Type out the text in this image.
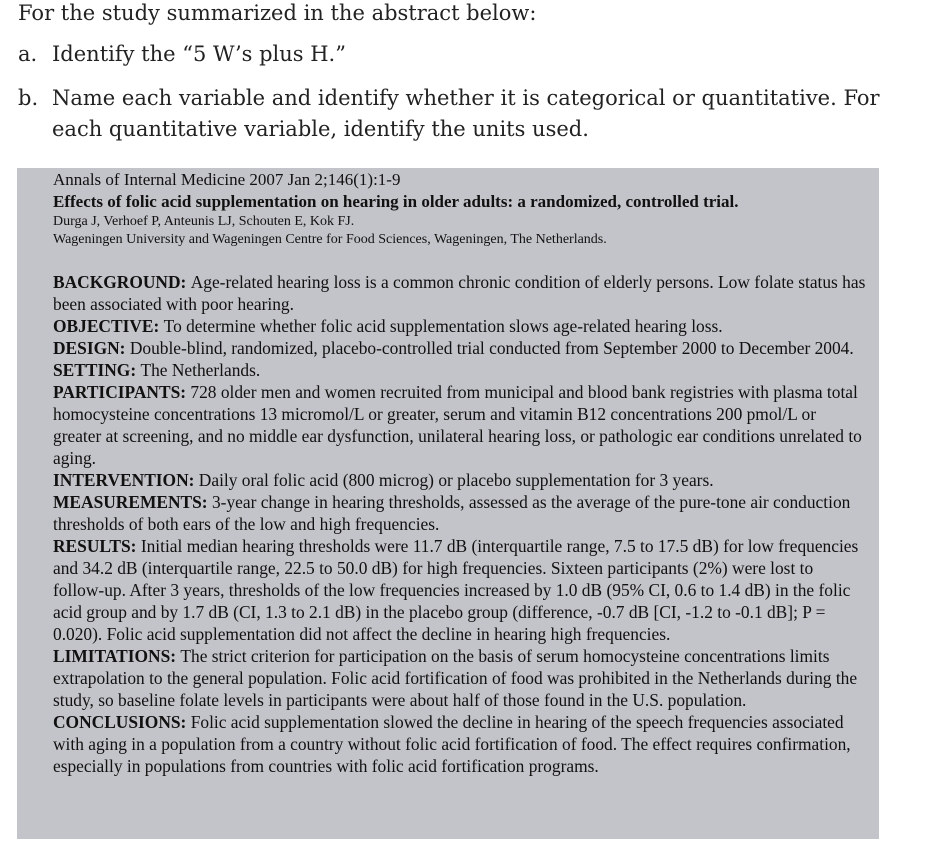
For the study summarized in the abstract below:
a. Identify the “5 W’s plus H.”
b. Name each variable and identify whether it is categorical or quantitative. For each quantitative variable, identify the units used.
Annals of Internal Medicine 2007 Jan 2;146(1):1-9
Effects of folic acid supplementation on hearing in older adults: a randomized, controlled trial.
Durga J, Verhoef P, Anteunis LJ, Schouten E, Kok FJ.
Wageningen University and Wageningen Centre for Food Sciences, Wageningen, The Netherlands.
BACKGROUND: Age-related hearing loss is a common chronic condition of elderly persons. Low folate status has been associated with poor hearing.
OBJECTIVE: To determine whether folic acid supplementation slows age-related hearing loss.
DESIGN: Double-blind, randomized, placebo-controlled trial conducted from September 2000 to December 2004.
SETTING: The Netherlands.
PARTICIPANTS: 728 older men and women recruited from municipal and blood bank registries with plasma total homocysteine concentrations 13 micromol/L or greater, serum and vitamin B12 concentrations 200 pmol/L or greater at screening, and no middle ear dysfunction, unilateral hearing loss, or pathologic ear conditions unrelated to aging.
INTERVENTION: Daily oral folic acid (800 microg) or placebo supplementation for 3 years.
MEASUREMENTS: 3-year change in hearing thresholds, assessed as the average of the pure-tone air conduction thresholds of both ears of the low and high frequencies.
RESULTS: Initial median hearing thresholds were 11.7 dB (interquartile range, 7.5 to 17.5 dB) for low frequencies and 34.2 dB (interquartile range, 22.5 to 50.0 dB) for high frequencies. Sixteen participants (2%) were lost to follow-up. After 3 years, thresholds of the low frequencies increased by 1.0 dB (95% CI, 0.6 to 1.4 dB) in the folic acid group and by 1.7 dB (CI, 1.3 to 2.1 dB) in the placebo group (difference, -0.7 dB [CI, -1.2 to -0.1 dB]; P = 0.020). Folic acid supplementation did not affect the decline in hearing high frequencies.
LIMITATIONS: The strict criterion for participation on the basis of serum homocysteine concentrations limits extrapolation to the general population. Folic acid fortification of food was prohibited in the Netherlands during the study, so baseline folate levels in participants were about half of those found in the U.S. population.
CONCLUSIONS: Folic acid supplementation slowed the decline in hearing of the speech frequencies associated with aging in a population from a country without folic acid fortification of food. The effect requires confirmation, especially in populations from countries with folic acid fortification programs.
